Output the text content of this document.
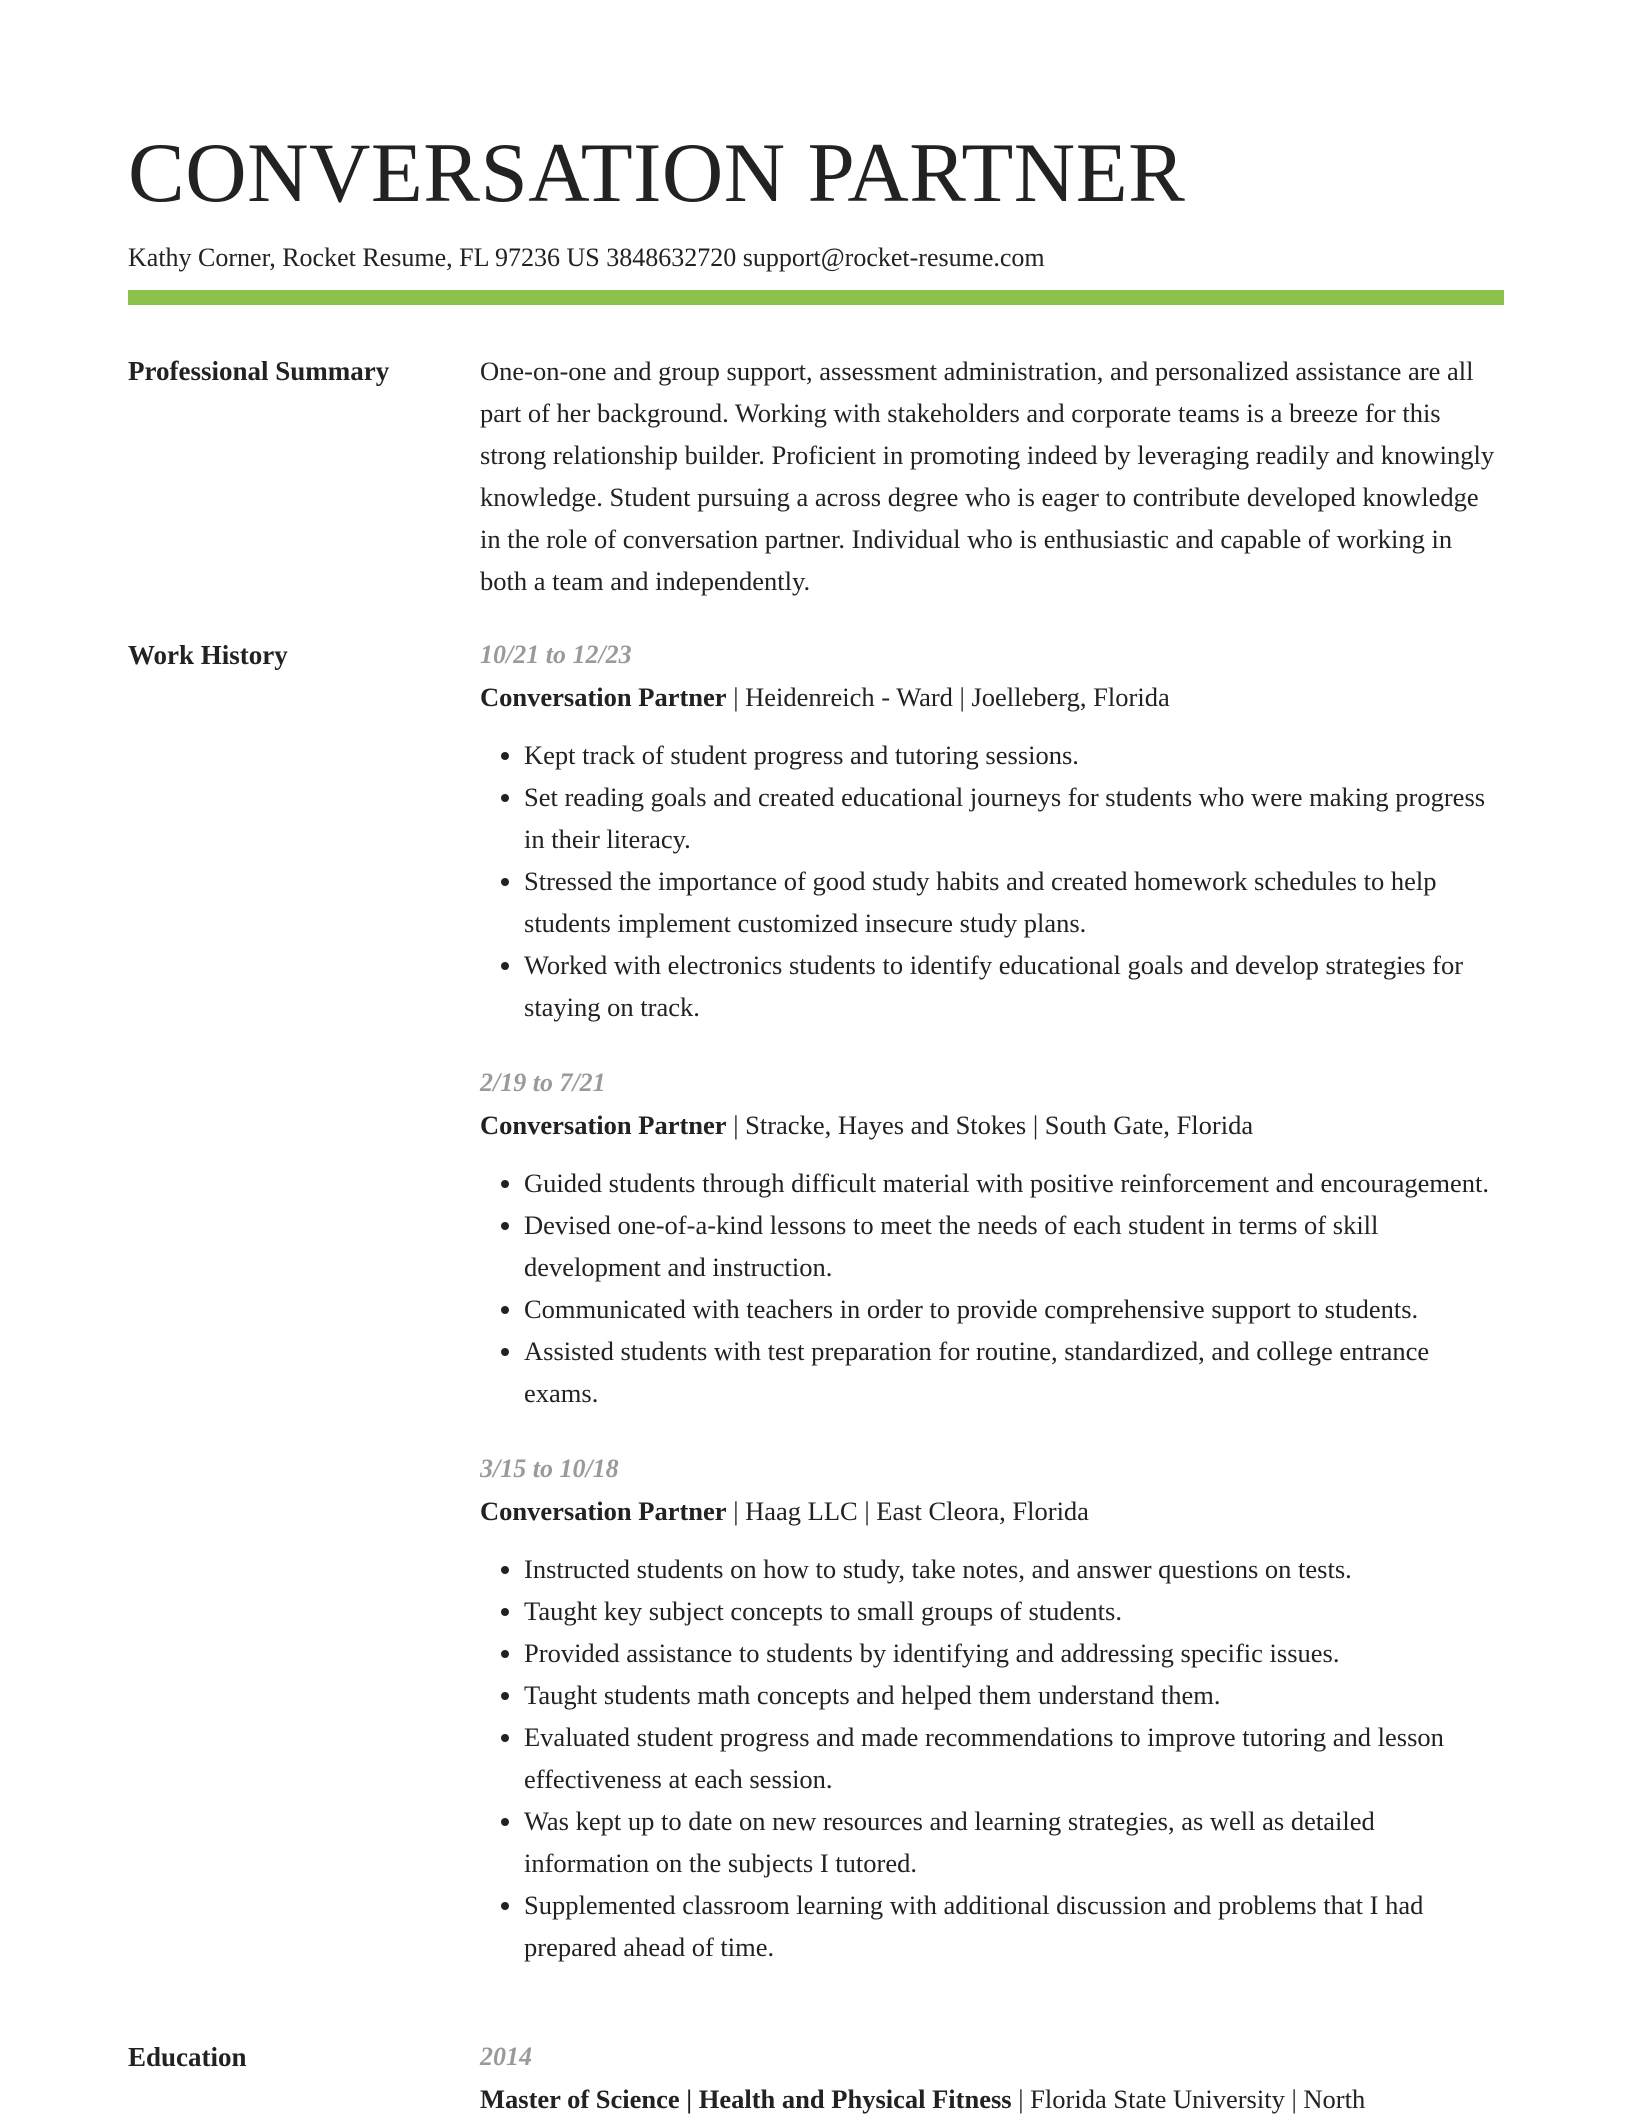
CONVERSATION PARTNER
Kathy Corner, Rocket Resume, FL 97236 US 3848632720 support@rocket-resume.com
Professional Summary	One-on-one and group support, assessment administration, and personalized assistance are all part of her background. Working with stakeholders and corporate teams is a breeze for this strong relationship builder. Proficient in promoting indeed by leveraging readily and knowingly knowledge. Student pursuing a across degree who is eager to contribute developed knowledge in the role of conversation partner. Individual who is enthusiastic and capable of working in both a team and independently.

Work History	10/21 to 12/23
Conversation Partner | Heidenreich - Ward | Joelleberg, Florida
• Kept track of student progress and tutoring sessions.
• Set reading goals and created educational journeys for students who were making progress in their literacy.
• Stressed the importance of good study habits and created homework schedules to help students implement customized insecure study plans.
• Worked with electronics students to identify educational goals and develop strategies for staying on track.
2/19 to 7/21
Conversation Partner | Stracke, Hayes and Stokes | South Gate, Florida
• Guided students through difficult material with positive reinforcement and encouragement.
• Devised one-of-a-kind lessons to meet the needs of each student in terms of skill development and instruction.
• Communicated with teachers in order to provide comprehensive support to students.
• Assisted students with test preparation for routine, standardized, and college entrance exams.
3/15 to 10/18
Conversation Partner | Haag LLC | East Cleora, Florida
• Instructed students on how to study, take notes, and answer questions on tests.
• Taught key subject concepts to small groups of students.
• Provided assistance to students by identifying and addressing specific issues.
• Taught students math concepts and helped them understand them.
• Evaluated student progress and made recommendations to improve tutoring and lesson effectiveness at each session.
• Was kept up to date on new resources and learning strategies, as well as detailed information on the subjects I tutored.
• Supplemented classroom learning with additional discussion and problems that I had prepared ahead of time.
Education	2014
Master of Science | Health and Physical Fitness | Florida State University | North
